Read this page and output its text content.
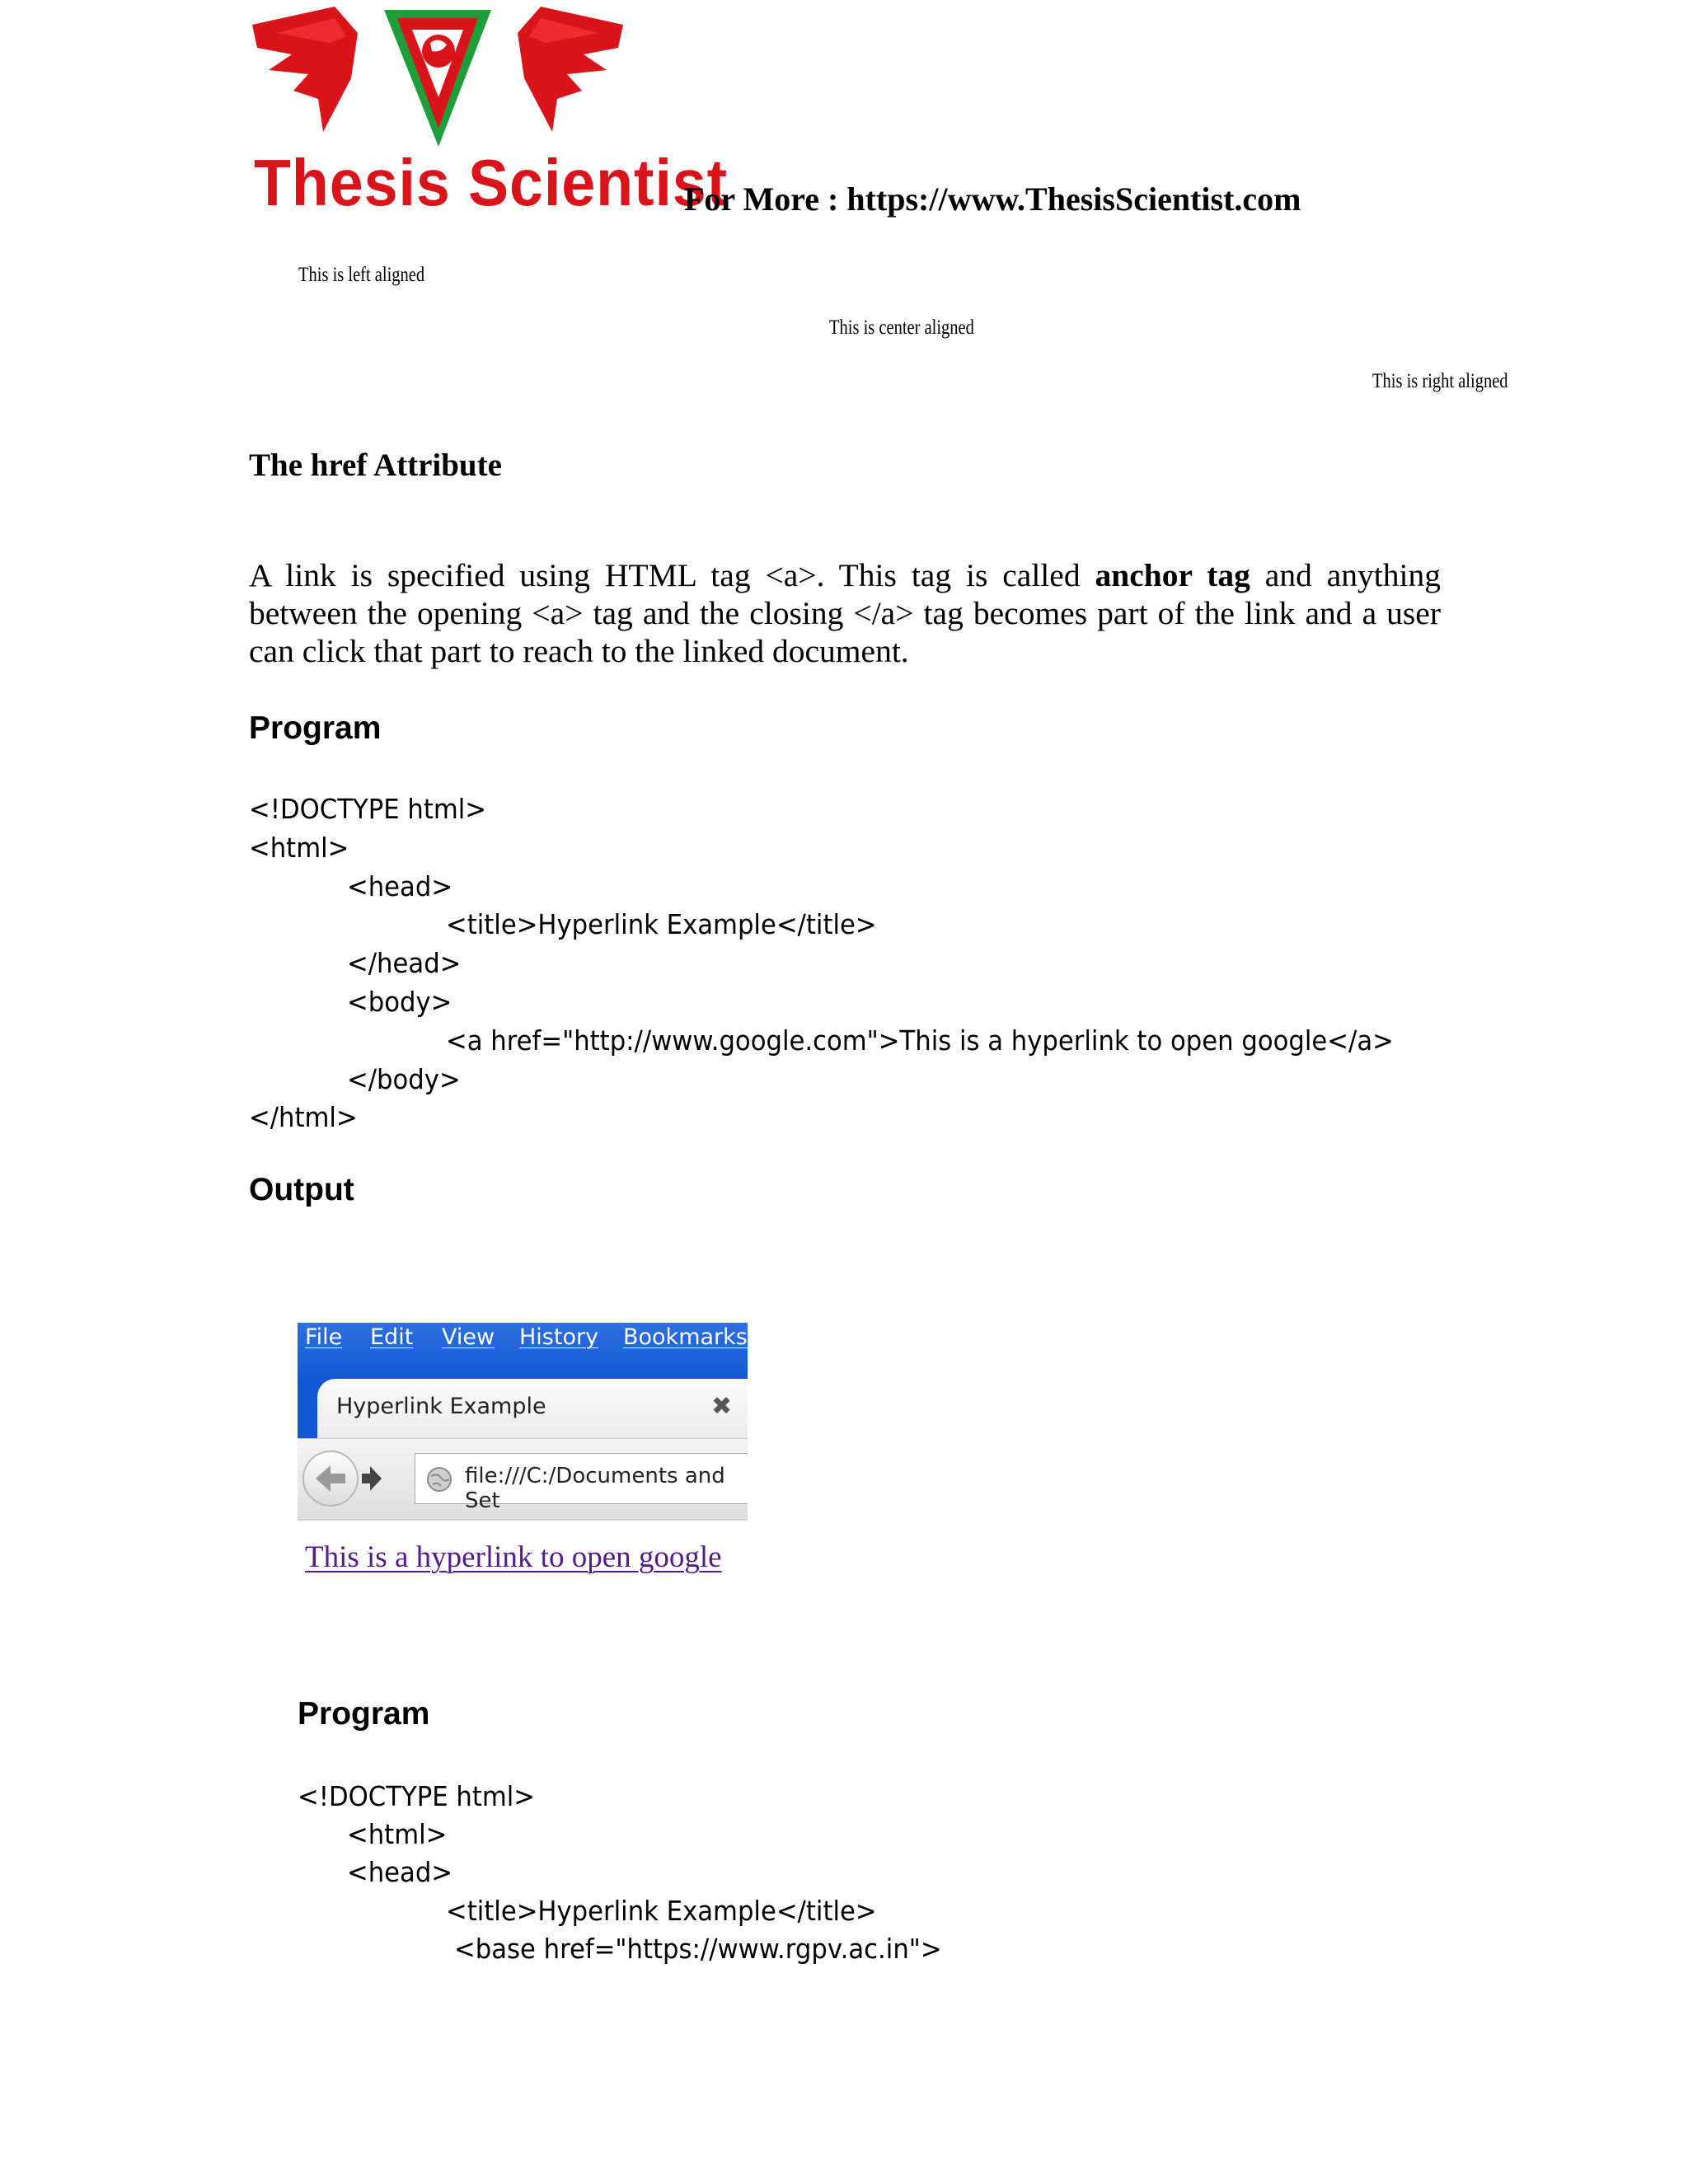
Thesis Scientist
For More : https://www.ThesisScientist.com
This is left aligned
This is center aligned
This is right aligned
The href Attribute
A link is specified using HTML tag <a>. This tag is called anchor tag and anything
between the opening <a> tag and the closing </a> tag becomes part of the link and a user
can click that part to reach to the linked document.
Program
<!DOCTYPE html>
<html>
<head>
<title>Hyperlink Example</title>
</head>
<body>
<a href="http://www.google.com">This is a hyperlink to open google</a>
</body>
</html>
Output
File Edit View History Bookmarks
Hyperlink Example	✖
file:///C:/Documents and Set
This is a hyperlink to open google
Program
<!DOCTYPE html>
<html>
<head>
<title>Hyperlink Example</title>
<base href="https://www.rgpv.ac.in">
